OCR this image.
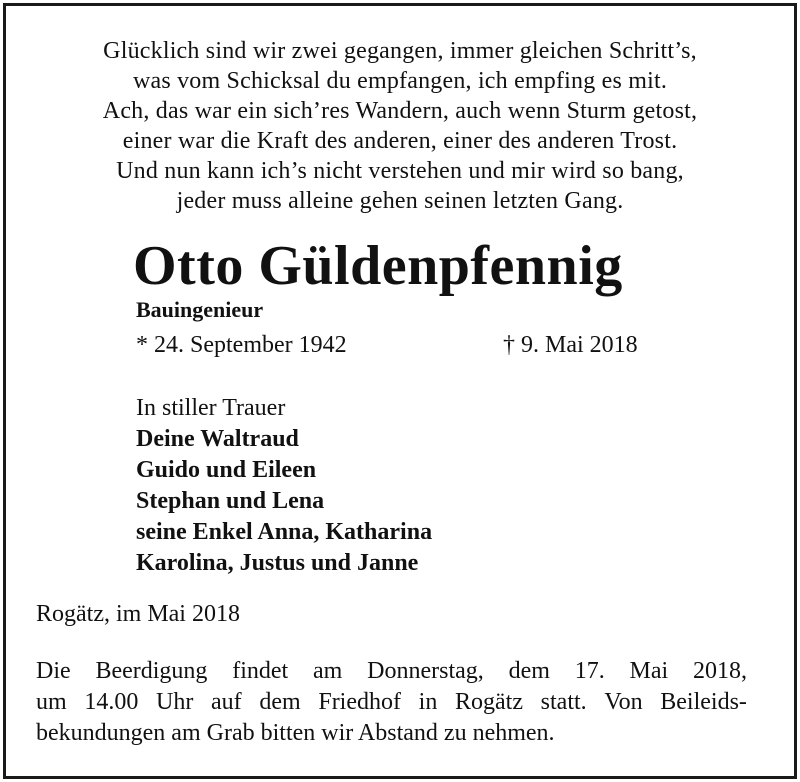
Glücklich sind wir zwei gegangen, immer gleichen Schritt’s,
was vom Schicksal du empfangen, ich empfing es mit.
Ach, das war ein sich’res Wandern, auch wenn Sturm getost,
einer war die Kraft des anderen, einer des anderen Trost.
Und nun kann ich’s nicht verstehen und mir wird so bang,
jeder muss alleine gehen seinen letzten Gang.
Otto Güldenpfennig
Bauingenieur
* 24. September 1942	† 9. Mai 2018
In stiller Trauer
Deine Waltraud
Guido und Eileen
Stephan und Lena
seine Enkel Anna, Katharina
Karolina, Justus und Janne
Rogätz, im Mai 2018
Die Beerdigung findet am Donnerstag, dem 17. Mai 2018,
um 14.00 Uhr auf dem Friedhof in Rogätz statt. Von Beileids-
bekundungen am Grab bitten wir Abstand zu nehmen.
